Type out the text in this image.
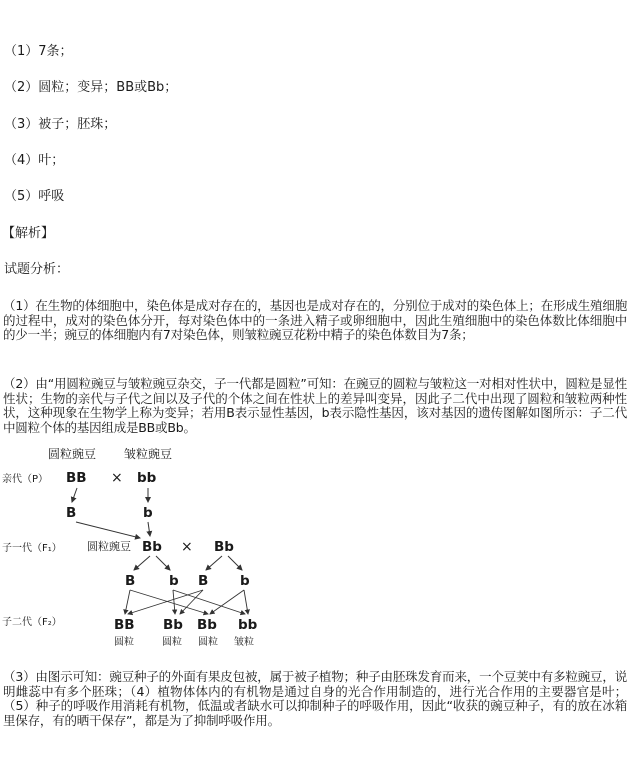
（1）7条；
（2）圆粒；变异；BB或Bb；
（3）被子；胚珠；
（4）叶；
（5）呼吸
【解析】
试题分析：
（1）在生物的体细胞中，染色体是成对存在的，基因也是成对存在的，分别位于成对的染色体上；在形成生殖细胞的过程中，成对的染色体分开，每对染色体中的一条进入精子或卵细胞中，因此生殖细胞中的染色体数比体细胞中的少一半；豌豆的体细胞内有7对染色体，则皱粒豌豆花粉中精子的染色体数目为7条；
（2）由“用圆粒豌豆与皱粒豌豆杂交，子一代都是圆粒”可知：在豌豆的圆粒与皱粒这一对相对性状中，圆粒是显性性状；生物的亲代与子代之间以及子代的个体之间在性状上的差异叫变异，因此子二代中出现了圆粒和皱粒两种性状，这种现象在生物学上称为变异；若用B表示显性基因，b表示隐性基因，该对基因的遗传图解如图所示：子二代中圆粒个体的基因组成是BB或Bb。
圆粒豌豆 皱粒豌豆
亲代（P） BB × bb
B	b
子一代（F₁） 圆粒豌豆 Bb × Bb
B b B b
子二代（F₂）	BB Bb Bb bb
圆粒	圆粒 圆粒 皱粒
（3）由图示可知：豌豆种子的外面有果皮包被，属于被子植物；种子由胚珠发育而来，一个豆荚中有多粒豌豆，说明雌蕊中有多个胚珠；（4）植物体体内的有机物是通过自身的光合作用制造的，进行光合作用的主要器官是叶；（5）种子的呼吸作用消耗有机物，低温或者缺水可以抑制种子的呼吸作用，因此“收获的豌豆种子，有的放在冰箱里保存，有的晒干保存”，都是为了抑制呼吸作用。
